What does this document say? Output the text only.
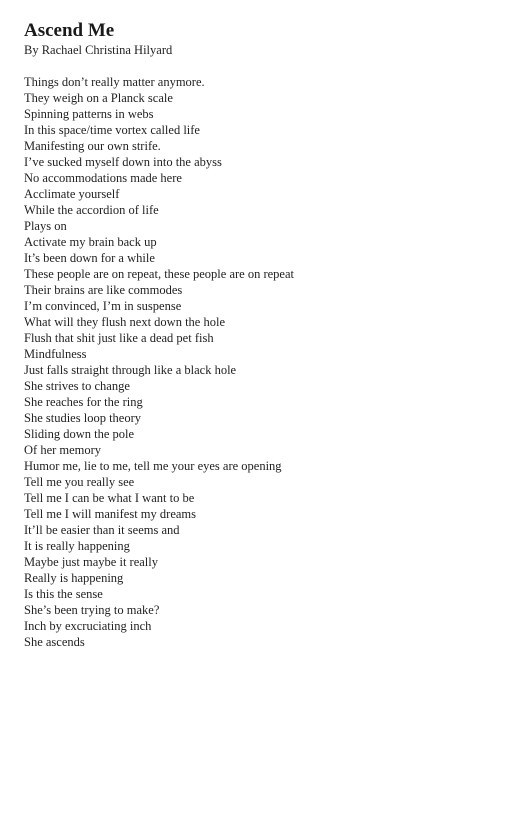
Ascend Me

By Rachael Christina Hilyard

Things don’t really matter anymore.
They weigh on a Planck scale
Spinning patterns in webs
In this space/time vortex called life
Manifesting our own strife.
I’ve sucked myself down into the abyss
No accommodations made here
Acclimate yourself
While the accordion of life
Plays on
Activate my brain back up
It’s been down for a while
These people are on repeat, these people are on repeat
Their brains are like commodes
I’m convinced, I’m in suspense
What will they flush next down the hole
Flush that shit just like a dead pet fish
Mindfulness
Just falls straight through like a black hole
She strives to change
She reaches for the ring
She studies loop theory
Sliding down the pole
Of her memory
Humor me, lie to me, tell me your eyes are opening
Tell me you really see
Tell me I can be what I want to be
Tell me I will manifest my dreams
It’ll be easier than it seems and
It is really happening
Maybe just maybe it really
Really is happening
Is this the sense
She’s been trying to make?
Inch by excruciating inch
She ascends
